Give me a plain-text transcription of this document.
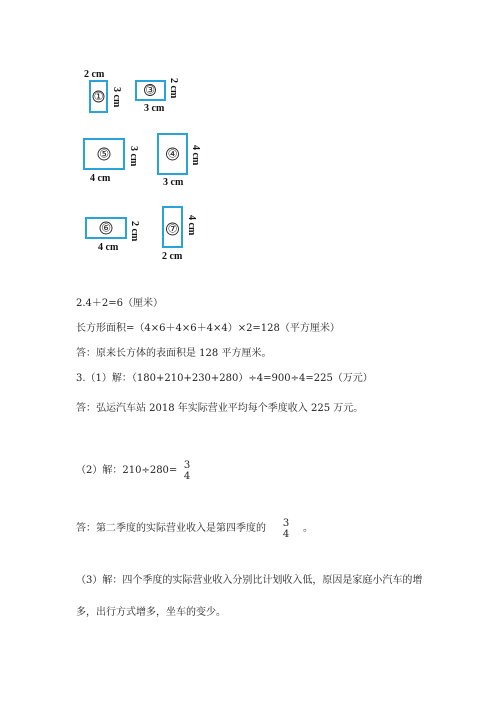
①
2 cm
3 cm ③
3 cm
2 cm
⑤
4 cm
3 cm	④
3 cm
4 cm
⑥
4 cm
2 cm	⑦
2 cm
4 cm
2.4＋2=6（厘米）
长方形面积=（4×6＋4×6＋4×4）×2=128（平方厘米）
答：原来长方体的表面积是 128 平方厘米。
3.（1）解：（180+210+230+280）÷4=900÷4=225（万元）
答：弘运汽车站 2018 年实际营业平均每个季度收入 225 万元。
（2）解：210÷280= 3
4
答：第二季度的实际营业收入是第四季度的 3
4
。
（3）解：四个季度的实际营业收入分别比计划收入低，原因是家庭小汽车的增
多，出行方式增多，坐车的变少。
